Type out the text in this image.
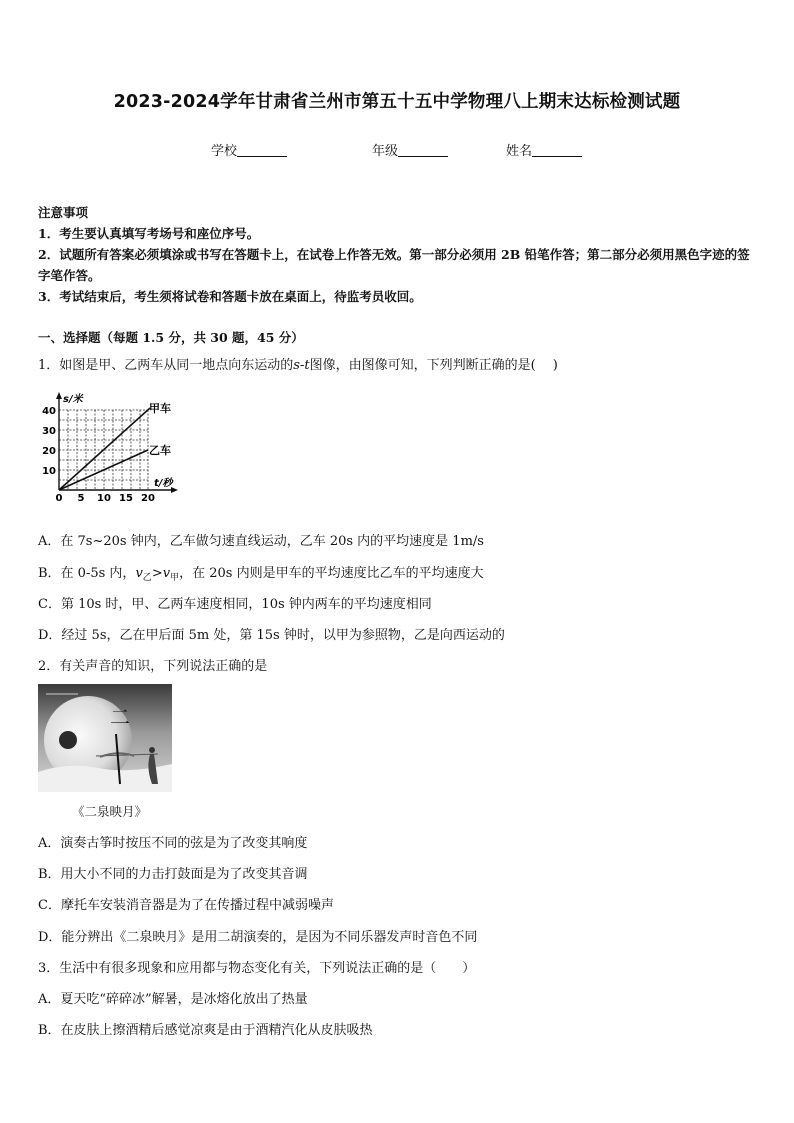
2023-2024学年甘肃省兰州市第五十五中学物理八上期末达标检测试题
学校	年级	姓名
注意事项
1．考生要认真填写考场号和座位序号。
2．试题所有答案必须填涂或书写在答题卡上，在试卷上作答无效。第一部分必须用 2B 铅笔作答；第二部分必须用黑色字迹的签字笔作答。
3．考试结束后，考生须将试卷和答题卡放在桌面上，待监考员收回。
一、选择题（每题 1.5 分，共 30 题，45 分）
1．如图是甲、乙两车从同一地点向东运动的s-t图像，由图像可知，下列判断正确的是(　 )
s/米
t/秒
甲车
乙车
40
30
20
10
0 5 10 15 20
A．在 7s~20s 钟内，乙车做匀速直线运动，乙车 20s 内的平均速度是 1m/s
B．在 0-5s 内，$v_乙>v_甲$，在 20s 内则是甲车的平均速度比乙车的平均速度大
C．第 10s 时，甲、乙两车速度相同，10s 钟内两车的平均速度相同
D．经过 5s，乙在甲后面 5m 处，第 15s 钟时，以甲为参照物，乙是向西运动的
2．有关声音的知识，下列说法正确的是
二
《二泉映月》
A．演奏古筝时按压不同的弦是为了改变其响度
B．用大小不同的力击打鼓面是为了改变其音调
C．摩托车安装消音器是为了在传播过程中减弱噪声
D．能分辨出《二泉映月》是用二胡演奏的，是因为不同乐器发声时音色不同
3．生活中有很多现象和应用都与物态变化有关，下列说法正确的是（　　）
A．夏天吃“碎碎冰”解暑，是冰熔化放出了热量
B．在皮肤上擦酒精后感觉凉爽是由于酒精汽化从皮肤吸热
